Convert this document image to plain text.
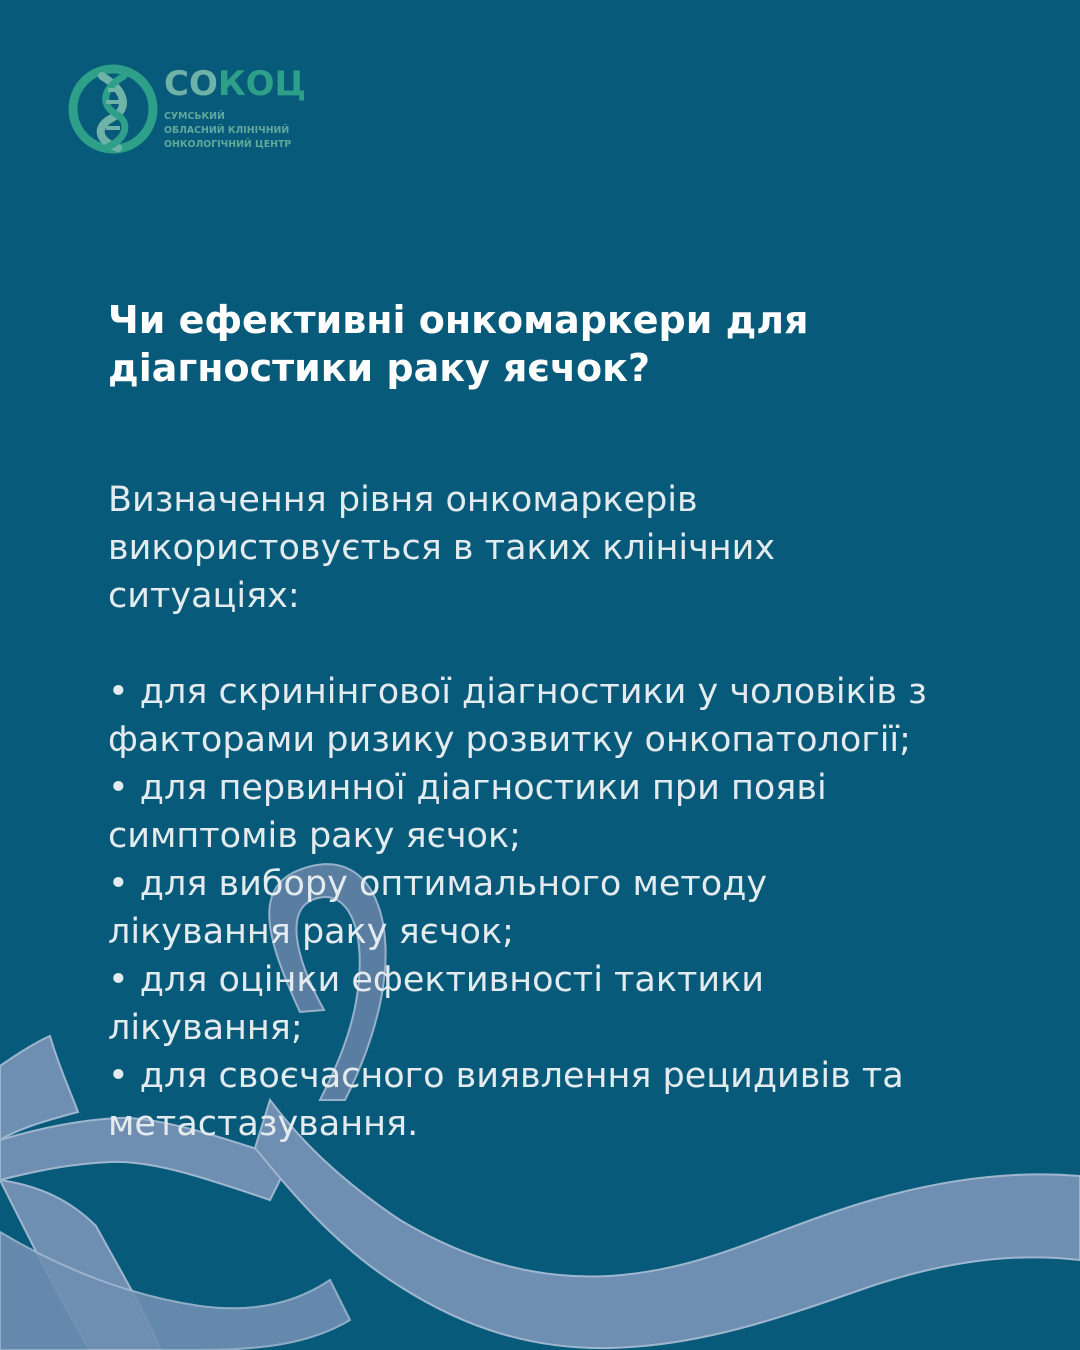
СОКОЦ
СУМСЬКИЙ
ОБЛАСНИЙ КЛІНІЧНИЙ
ОНКОЛОГІЧНИЙ ЦЕНТР
Чи ефективні онкомаркери для
діагностики раку яєчок?
Визначення рівня онкомаркерів
використовується в таких клінічних
ситуаціях:
• для скринінгової діагностики у чоловіків з
факторами ризику розвитку онкопатології;
• для первинної діагностики при появі
симптомів раку яєчок;
• для вибору оптимального методу
лікування раку яєчок;
• для оцінки ефективності тактики
лікування;
• для своєчасного виявлення рецидивів та
метастазування.
